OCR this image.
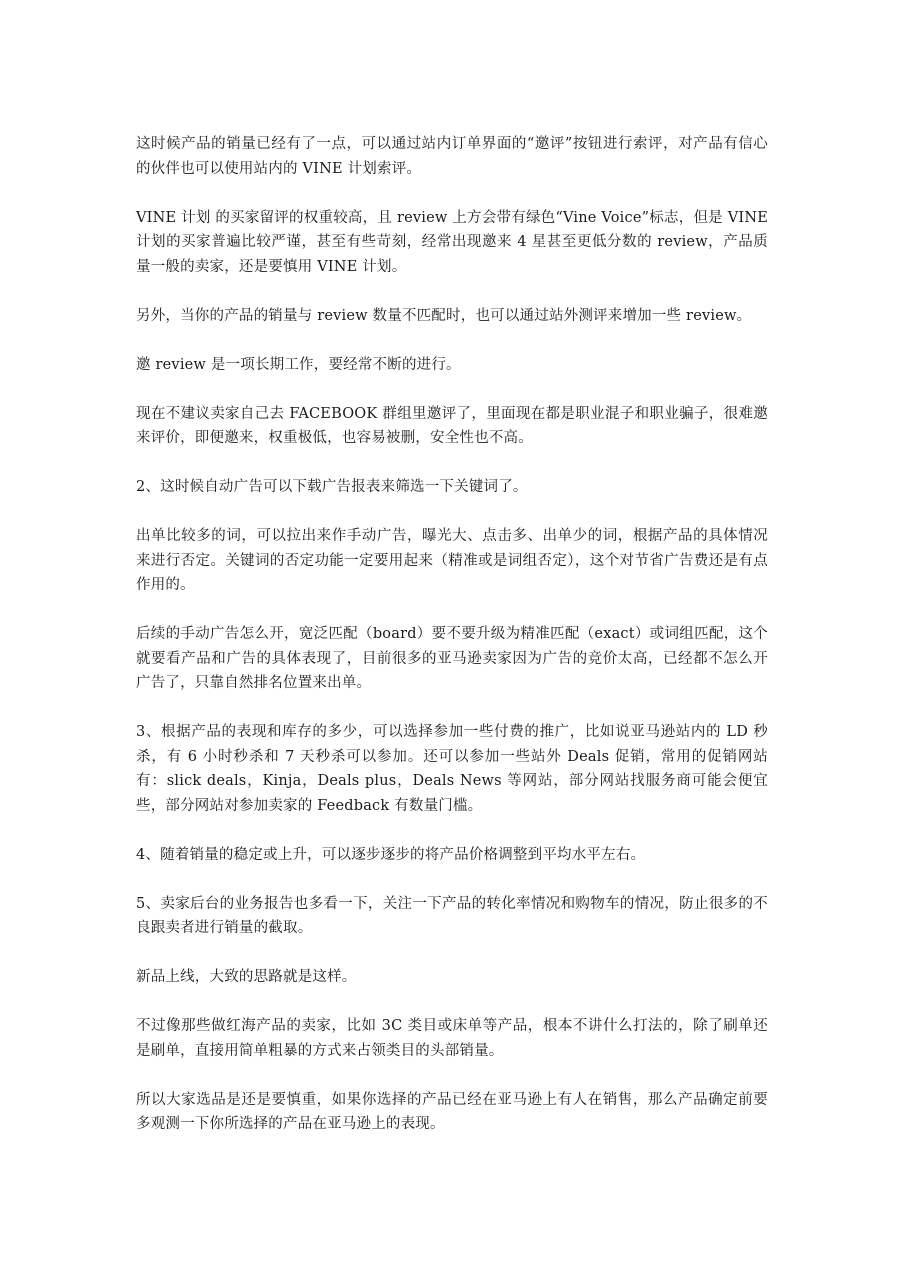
这时候产品的销量已经有了一点，可以通过站内订单界面的“邀评”按钮进行索评，对产品有信心的伙伴也可以使用站内的 VINE 计划索评。

VINE 计划 的买家留评的权重较高，且 review 上方会带有绿色“Vine Voice”标志，但是 VINE 计划的买家普遍比较严谨，甚至有些苛刻，经常出现邀来 4 星甚至更低分数的 review，产品质量一般的卖家，还是要慎用 VINE 计划。

另外，当你的产品的销量与 review 数量不匹配时，也可以通过站外测评来增加一些 review。

邀 review 是一项长期工作，要经常不断的进行。

现在不建议卖家自己去 FACEBOOK 群组里邀评了，里面现在都是职业混子和职业骗子，很难邀来评价，即便邀来，权重极低，也容易被删，安全性也不高。

2、这时候自动广告可以下载广告报表来筛选一下关键词了。

出单比较多的词，可以拉出来作手动广告，曝光大、点击多、出单少的词，根据产品的具体情况来进行否定。关键词的否定功能一定要用起来（精准或是词组否定），这个对节省广告费还是有点作用的。

后续的手动广告怎么开，宽泛匹配（board）要不要升级为精准匹配（exact）或词组匹配，这个就要看产品和广告的具体表现了，目前很多的亚马逊卖家因为广告的竞价太高，已经都不怎么开广告了，只靠自然排名位置来出单。

3、根据产品的表现和库存的多少，可以选择参加一些付费的推广，比如说亚马逊站内的 LD 秒杀，有 6 小时秒杀和 7 天秒杀可以参加。还可以参加一些站外 Deals 促销，常用的促销网站有：slick deals，Kinja，Deals plus，Deals News 等网站，部分网站找服务商可能会便宜些，部分网站对参加卖家的 Feedback 有数量门槛。

4、随着销量的稳定或上升，可以逐步逐步的将产品价格调整到平均水平左右。

5、卖家后台的业务报告也多看一下，关注一下产品的转化率情况和购物车的情况，防止很多的不良跟卖者进行销量的截取。

新品上线，大致的思路就是这样。

不过像那些做红海产品的卖家，比如 3C 类目或床单等产品，根本不讲什么打法的，除了刷单还是刷单，直接用简单粗暴的方式来占领类目的头部销量。

所以大家选品是还是要慎重，如果你选择的产品已经在亚马逊上有人在销售，那么产品确定前要多观测一下你所选择的产品在亚马逊上的表现。
